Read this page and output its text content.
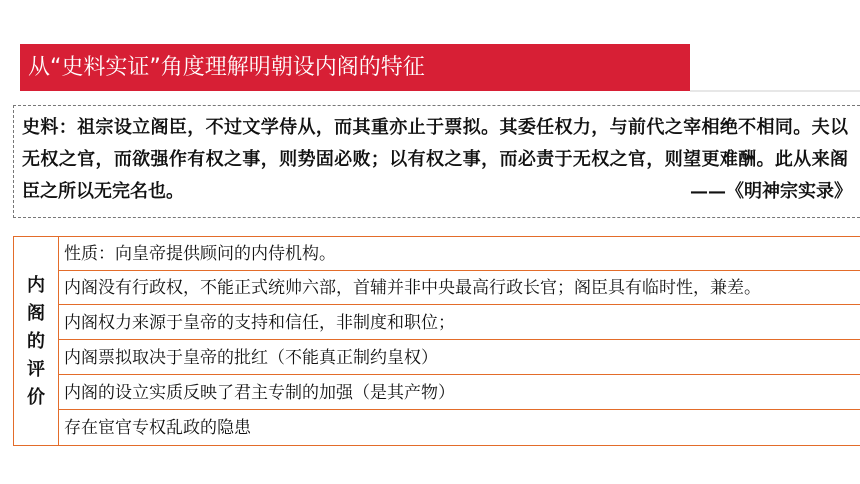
从“史料实证”角度理解明朝设内阁的特征
史料：祖宗设立阁臣，不过文学侍从，而其重亦止于票拟。其委任权力，与前代之宰相绝不相同。夫以无权之官，而欲强作有权之事，则势固必败；以有权之事，而必责于无权之官，则望更难酬。此从来阁臣之所以无完名也。	——《明神宗实录》
内阁的评价
性质：向皇帝提供顾问的内侍机构。
内阁没有行政权，不能正式统帅六部，首辅并非中央最高行政长官；阁臣具有临时性，兼差。
内阁权力来源于皇帝的支持和信任，非制度和职位；
内阁票拟取决于皇帝的批红（不能真正制约皇权）
内阁的设立实质反映了君主专制的加强（是其产物）
存在宦官专权乱政的隐患
